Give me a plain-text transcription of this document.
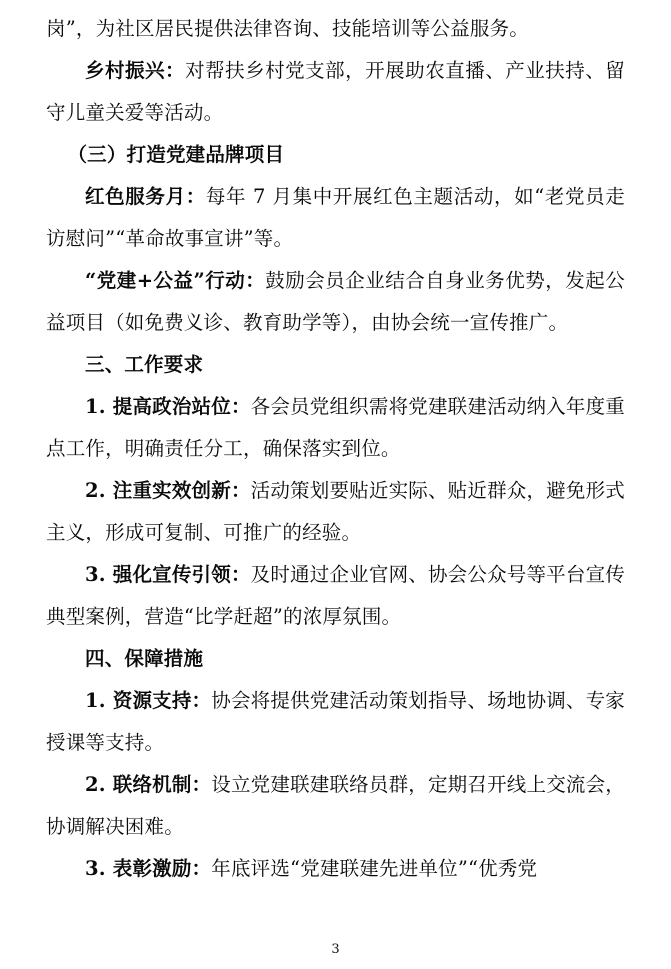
岗”，为社区居民提供法律咨询、技能培训等公益服务。

乡村振兴：对帮扶乡村党支部，开展助农直播、产业扶持、留守儿童关爱等活动。

（三）打造党建品牌项目

红色服务月：每年 7 月集中开展红色主题活动，如“老党员走访慰问”“革命故事宣讲”等。

“党建+公益”行动：鼓励会员企业结合自身业务优势，发起公益项目（如免费义诊、教育助学等），由协会统一宣传推广。

三、工作要求

1. 提高政治站位：各会员党组织需将党建联建活动纳入年度重点工作，明确责任分工，确保落实到位。

2. 注重实效创新：活动策划要贴近实际、贴近群众，避免形式主义，形成可复制、可推广的经验。

3. 强化宣传引领：及时通过企业官网、协会公众号等平台宣传典型案例，营造“比学赶超”的浓厚氛围。

四、保障措施

1. 资源支持：协会将提供党建活动策划指导、场地协调、专家授课等支持。

2. 联络机制：设立党建联建联络员群，定期召开线上交流会，协调解决困难。

3. 表彰激励：年底评选“党建联建先进单位”“优秀党

3
